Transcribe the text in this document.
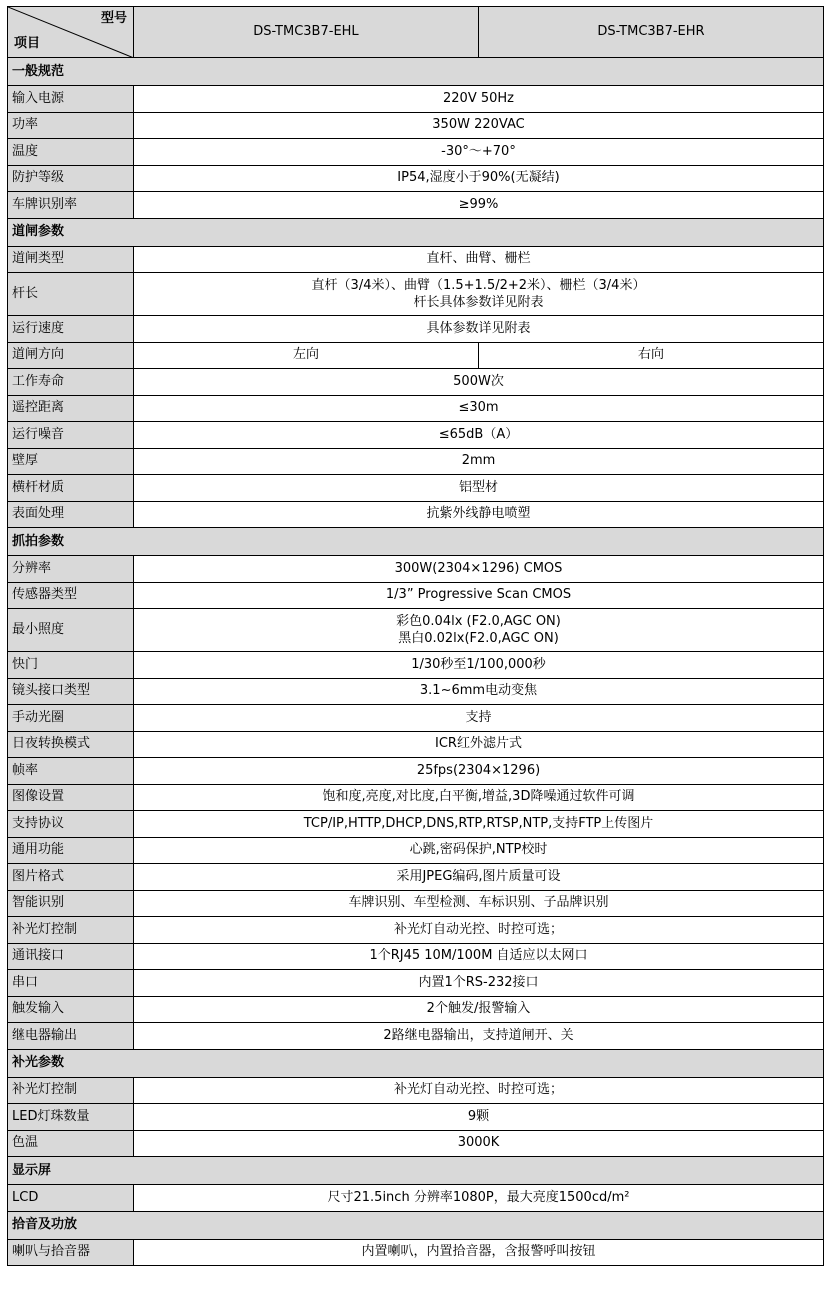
型号
项目	DS-TMC3B7-EHL	DS-TMC3B7-EHR
一般规范		
输入电源	220V 50Hz	
功率	350W 220VAC	
温度	-30°～+70°	
防护等级	IP54,湿度小于90%(无凝结)	
车牌识别率	≥99%	
道闸参数		
道闸类型	直杆、曲臂、栅栏	
杆长	直杆（3/4米）、曲臂（1.5+1.5/2+2米）、栅栏（3/4米）
杆长具体参数详见附表	

运行速度	具体参数详见附表	
道闸方向	左向	右向
工作寿命	500W次	
遥控距离	≤30m	
运行噪音	≤65dB（A）	
壁厚	2mm	
横杆材质	铝型材	
表面处理	抗紫外线静电喷塑	
抓拍参数		
分辨率	300W(2304×1296) CMOS	
传感器类型	1/3” Progressive Scan CMOS	
最小照度	彩色0.04lx (F2.0,AGC ON)
黑白0.02lx(F2.0,AGC ON)	

快门	1/30秒至1/100,000秒	
镜头接口类型	3.1~6mm电动变焦	
手动光圈	支持	
日夜转换模式	ICR红外滤片式	
帧率	25fps(2304×1296)	
图像设置	饱和度,亮度,对比度,白平衡,增益,3D降噪通过软件可调	
支持协议	TCP/IP,HTTP,DHCP,DNS,RTP,RTSP,NTP,支持FTP上传图片	
通用功能	心跳,密码保护,NTP校时	
图片格式	采用JPEG编码,图片质量可设	
智能识别	车牌识别、车型检测、车标识别、子品牌识别	
补光灯控制	补光灯自动光控、时控可选；	
通讯接口	1个RJ45 10M/100M 自适应以太网口	
串口	内置1个RS-232接口	
触发输入	2个触发/报警输入	
继电器输出	2路继电器输出，支持道闸开、关	
补光参数		
补光灯控制	补光灯自动光控、时控可选；	
LED灯珠数量	9颗	
色温	3000K	
显示屏		
LCD	尺寸21.5inch 分辨率1080P，最大亮度1500cd/m²	
拾音及功放		
喇叭与拾音器	内置喇叭，内置拾音器，含报警呼叫按钮	
